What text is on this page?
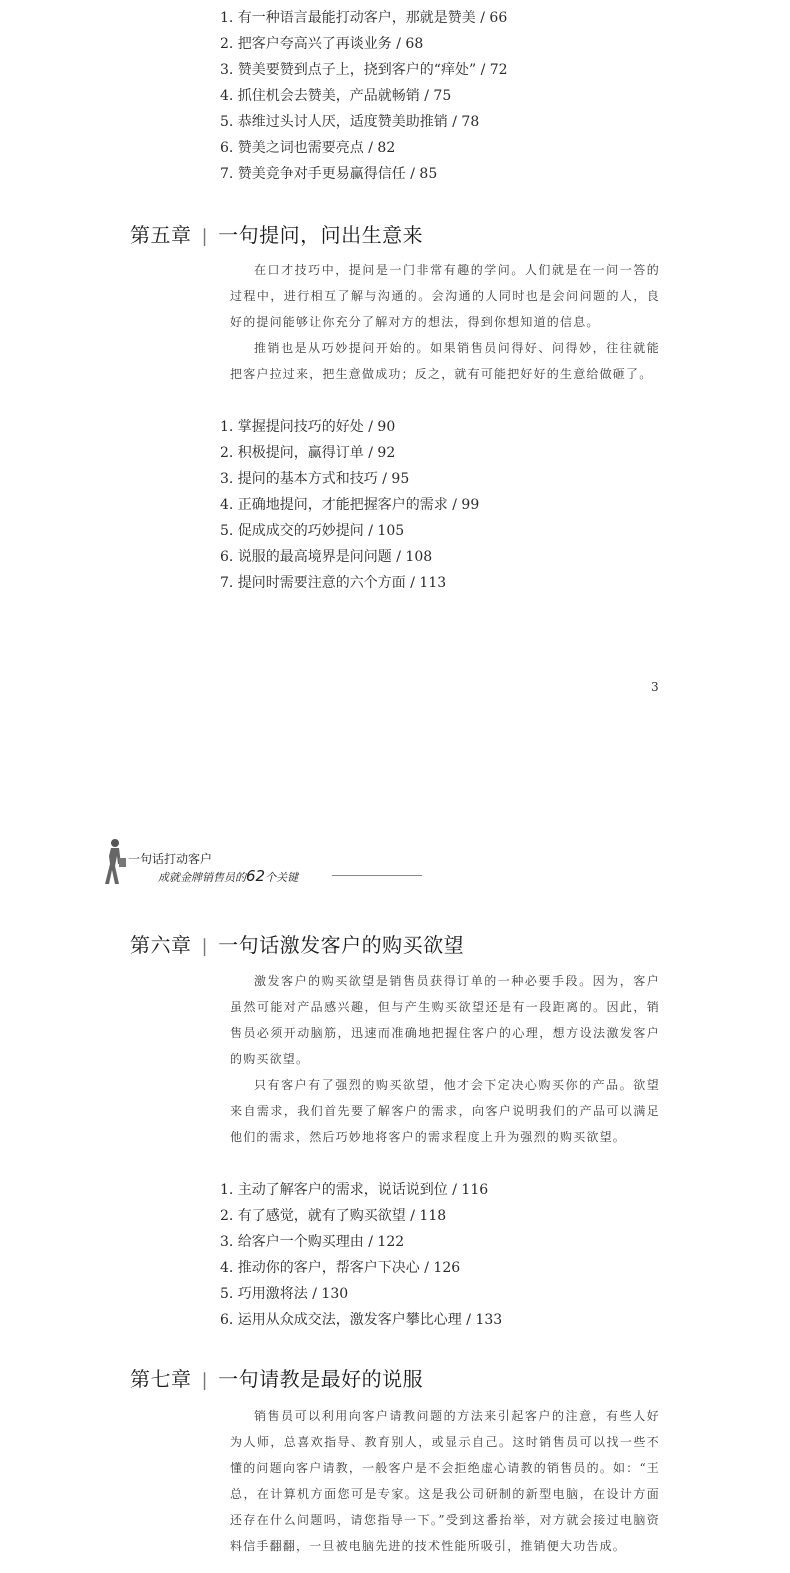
1. 有一种语言最能打动客户，那就是赞美 / 66
2. 把客户夸高兴了再谈业务 / 68
3. 赞美要赞到点子上，挠到客户的“痒处” / 72
4. 抓住机会去赞美，产品就畅销 / 75
5. 恭维过头讨人厌，适度赞美助推销 / 78
6. 赞美之词也需要亮点 / 82
7. 赞美竞争对手更易赢得信任 / 85
第五章 | 一句提问，问出生意来

在口才技巧中，提问是一门非常有趣的学问。人们就是在一问一答的过程中，进行相互了解与沟通的。会沟通的人同时也是会问问题的人，良好的提问能够让你充分了解对方的想法，得到你想知道的信息。

推销也是从巧妙提问开始的。如果销售员问得好、问得妙，往往就能把客户拉过来，把生意做成功；反之，就有可能把好好的生意给做砸了。

1. 掌握提问技巧的好处 / 90
2. 积极提问，赢得订单 / 92
3. 提问的基本方式和技巧 / 95
4. 正确地提问，才能把握客户的需求 / 99
5. 促成成交的巧妙提问 / 105
6. 说服的最高境界是问问题 / 108
7. 提问时需要注意的六个方面 / 113
3
一句话打动客户
成就金牌销售员的62个关键
第六章 | 一句话激发客户的购买欲望

激发客户的购买欲望是销售员获得订单的一种必要手段。因为，客户虽然可能对产品感兴趣，但与产生购买欲望还是有一段距离的。因此，销售员必须开动脑筋，迅速而准确地把握住客户的心理，想方设法激发客户的购买欲望。

只有客户有了强烈的购买欲望，他才会下定决心购买你的产品。欲望来自需求，我们首先要了解客户的需求，向客户说明我们的产品可以满足他们的需求，然后巧妙地将客户的需求程度上升为强烈的购买欲望。

1. 主动了解客户的需求，说话说到位 / 116
2. 有了感觉，就有了购买欲望 / 118
3. 给客户一个购买理由 / 122
4. 推动你的客户，帮客户下决心 / 126
5. 巧用激将法 / 130
6. 运用从众成交法，激发客户攀比心理 / 133
第七章 | 一句请教是最好的说服

销售员可以利用向客户请教问题的方法来引起客户的注意，有些人好为人师，总喜欢指导、教育别人，或显示自己。这时销售员可以找一些不懂的问题向客户请教，一般客户是不会拒绝虚心请教的销售员的。如：“王总，在计算机方面您可是专家。这是我公司研制的新型电脑，在设计方面还存在什么问题吗，请您指导一下。”受到这番抬举，对方就会接过电脑资料信手翻翻，一旦被电脑先进的技术性能所吸引，推销便大功告成。
